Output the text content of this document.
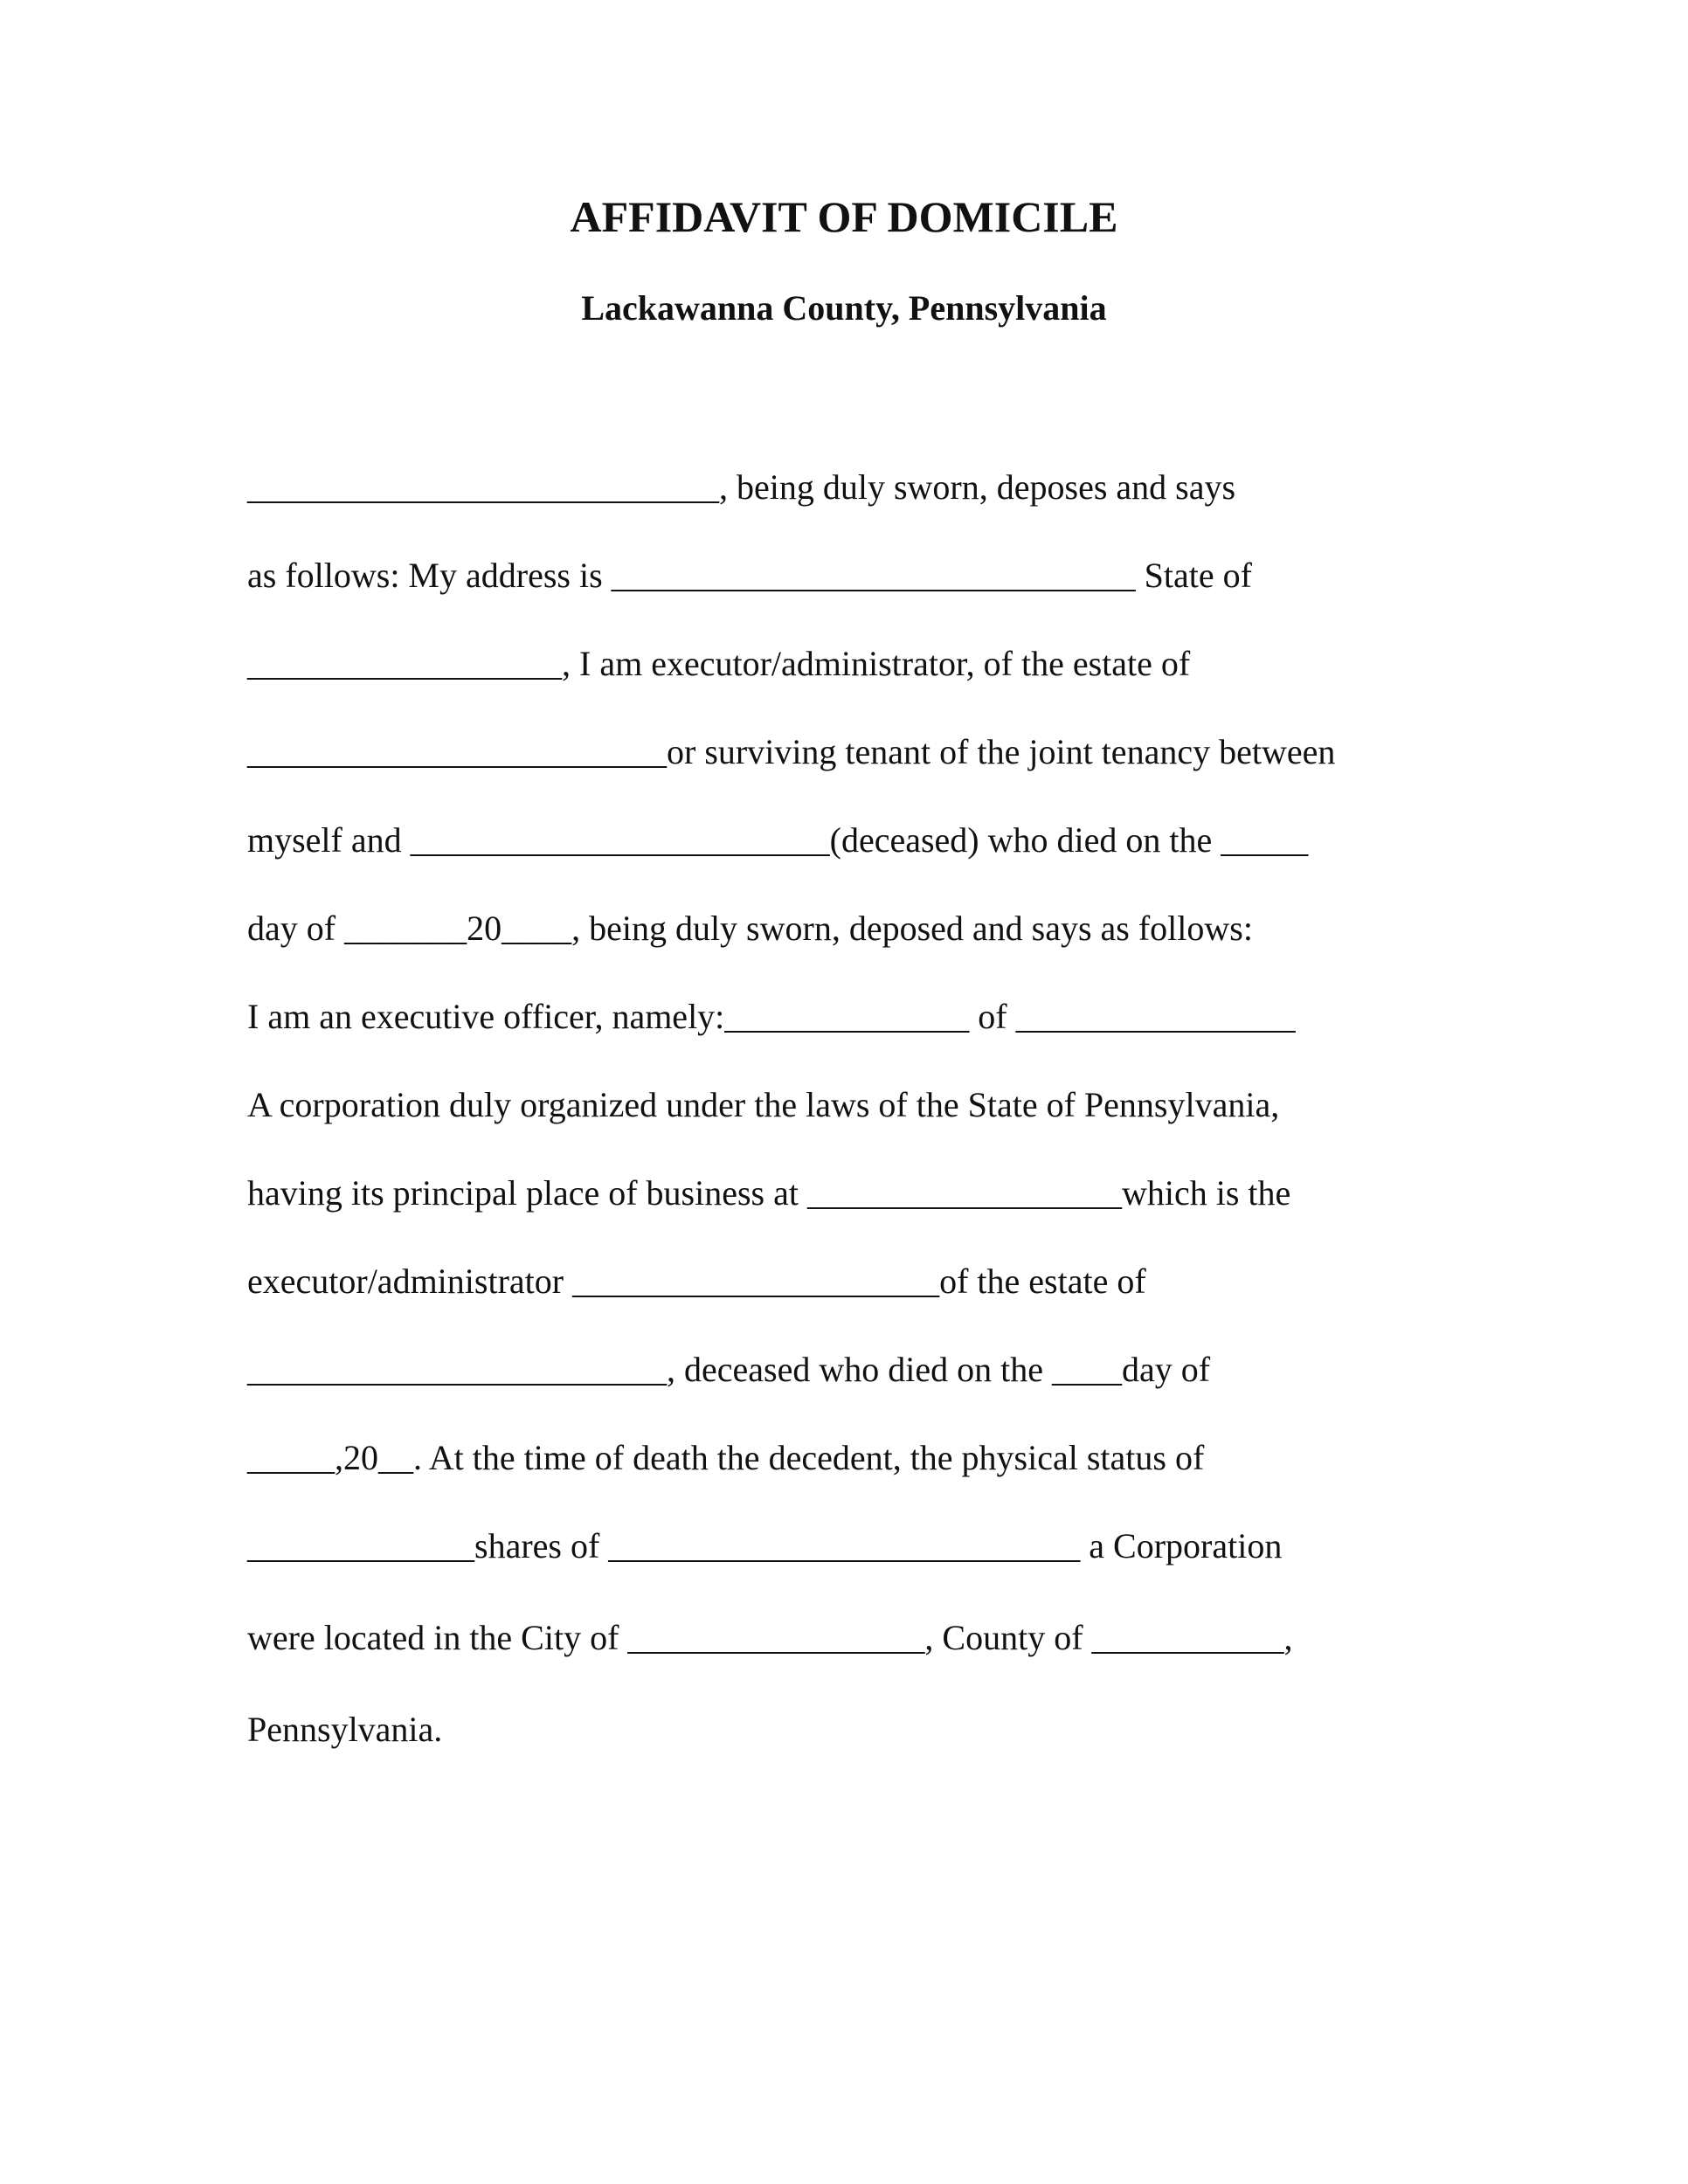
AFFIDAVIT OF DOMICILE
Lackawanna County, Pennsylvania
___________________________, being duly sworn, deposes and says
as follows: My address is ______________________________ State of
__________________, I am executor/administrator, of the estate of
________________________or surviving tenant of the joint tenancy between
myself and ________________________(deceased) who died on the _____
day of _______20____, being duly sworn, deposed and says as follows:
I am an executive officer, namely:______________ of ________________
A corporation duly organized under the laws of the State of Pennsylvania,
having its principal place of business at __________________which is the
executor/administrator _____________________of the estate of
________________________, deceased who died on the ____day of
_____,20__. At the time of death the decedent, the physical status of
_____________shares of ___________________________ a Corporation
were located in the City of _________________, County of ___________,
Pennsylvania.
